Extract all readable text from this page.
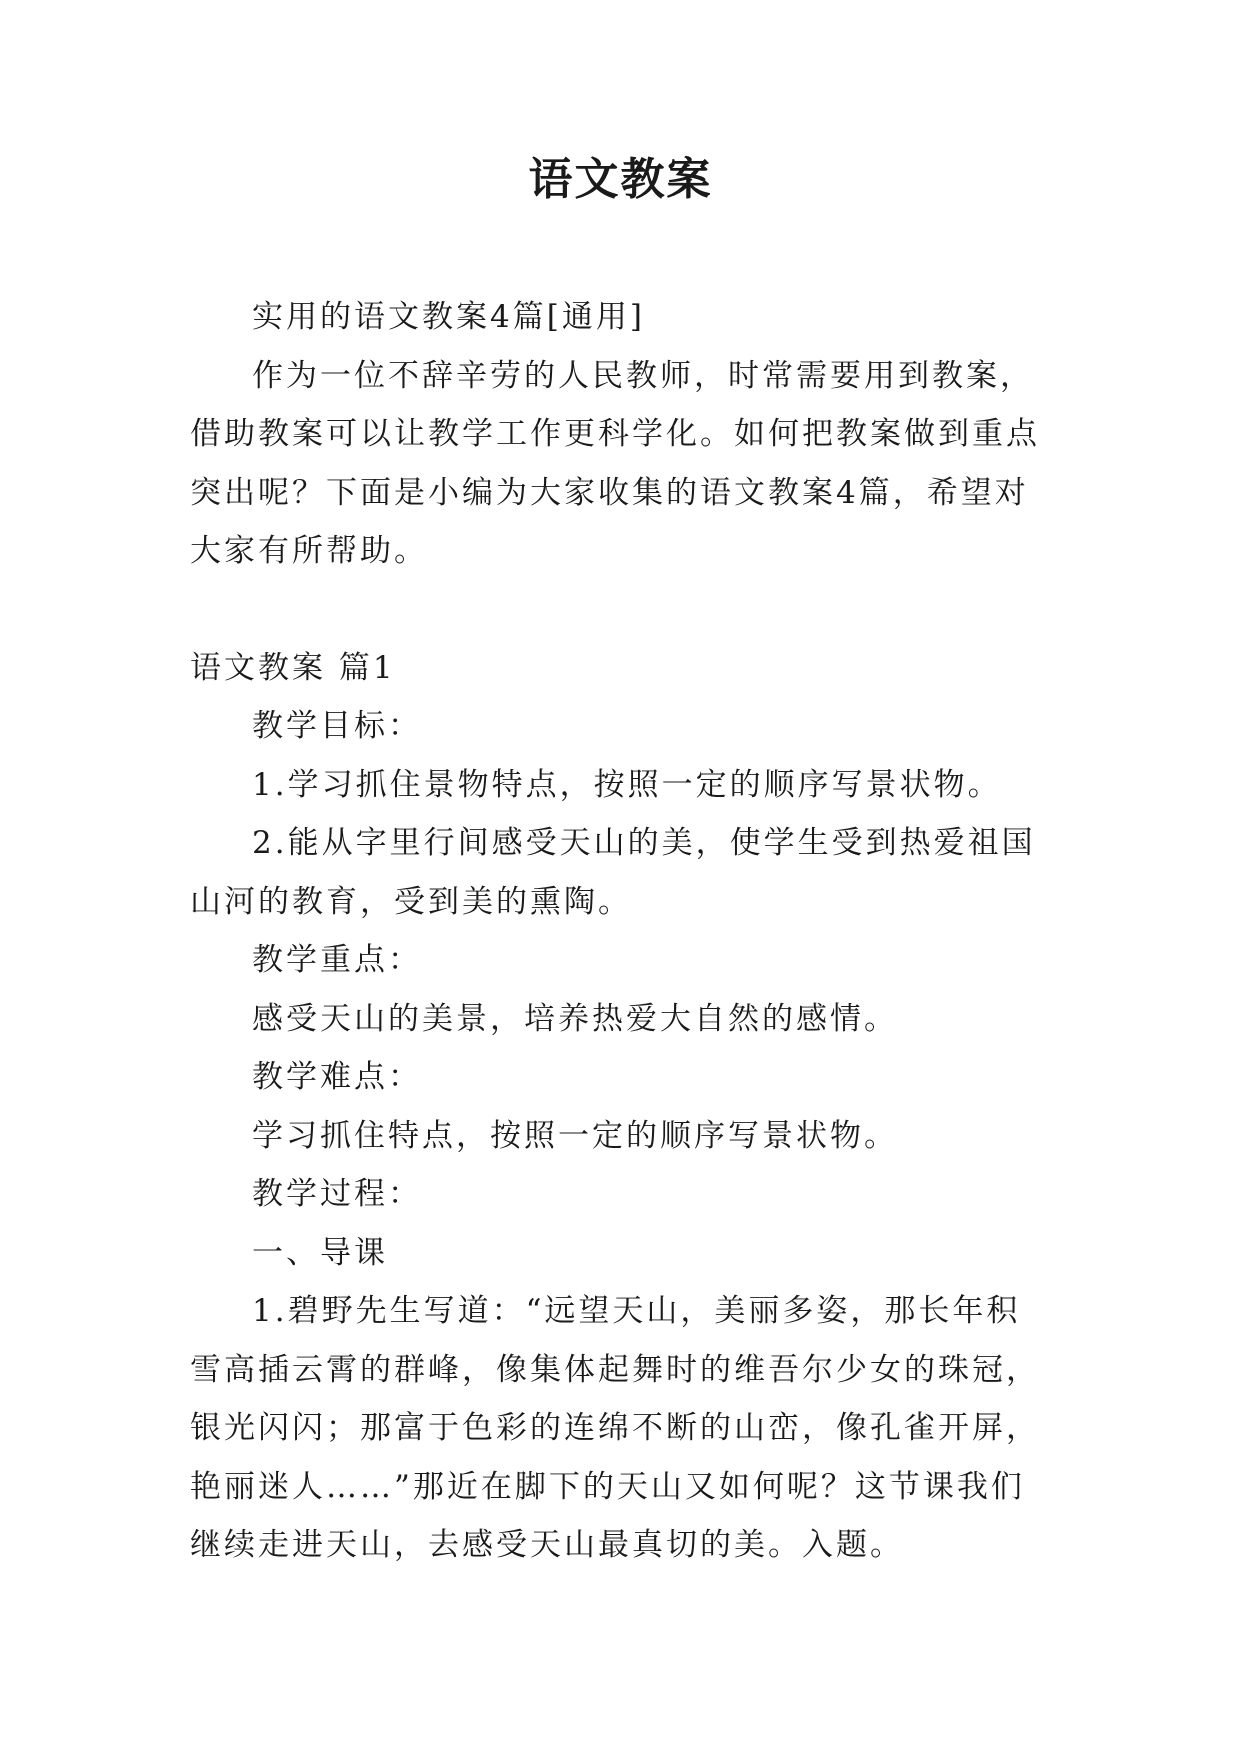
语文教案

实用的语文教案4篇[通用]

作为一位不辞辛劳的人民教师，时常需要用到教案，借助教案可以让教学工作更科学化。如何把教案做到重点突出呢？下面是小编为大家收集的语文教案4篇，希望对大家有所帮助。

语文教案 篇1

教学目标：

1.学习抓住景物特点，按照一定的顺序写景状物。

2.能从字里行间感受天山的美，使学生受到热爱祖国山河的教育，受到美的熏陶。

教学重点：

感受天山的美景，培养热爱大自然的感情。

教学难点：

学习抓住特点，按照一定的顺序写景状物。

教学过程：

一、导课

1.碧野先生写道：“远望天山，美丽多姿，那长年积雪高插云霄的群峰，像集体起舞时的维吾尔少女的珠冠，银光闪闪；那富于色彩的连绵不断的山峦，像孔雀开屏，艳丽迷人……”那近在脚下的天山又如何呢？这节课我们继续走进天山，去感受天山最真切的美。入题。
